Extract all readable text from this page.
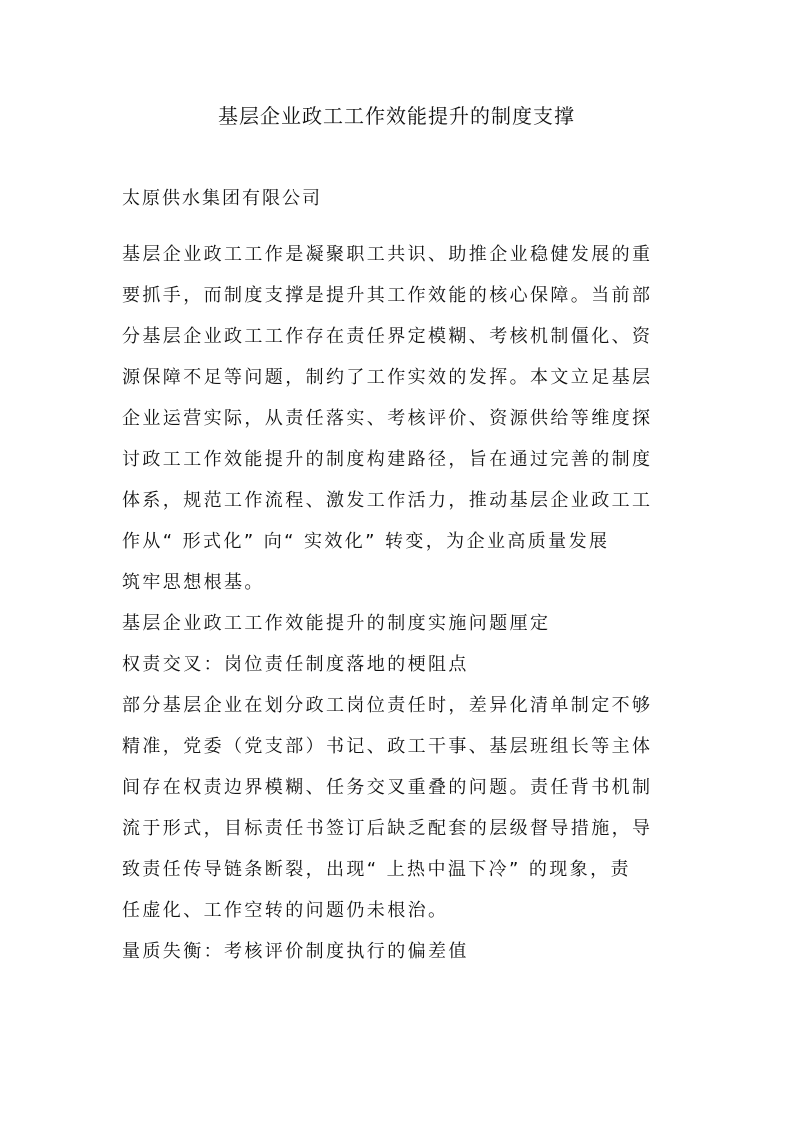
基层企业政工工作效能提升的制度支撑
太原供水集团有限公司
基层企业政工工作是凝聚职工共识、助推企业稳健发展的重
要抓手，而制度支撑是提升其工作效能的核心保障。当前部
分基层企业政工工作存在责任界定模糊、考核机制僵化、资
源保障不足等问题，制约了工作实效的发挥。本文立足基层
企业运营实际，从责任落实、考核评价、资源供给等维度探
讨政工工作效能提升的制度构建路径，旨在通过完善的制度
体系，规范工作流程、激发工作活力，推动基层企业政工工
作从“ 形式化” 向“ 实效化” 转变，为企业高质量发展
筑牢思想根基。
基层企业政工工作效能提升的制度实施问题厘定
权责交叉：岗位责任制度落地的梗阻点
部分基层企业在划分政工岗位责任时，差异化清单制定不够
精准，党委（党支部）书记、政工干事、基层班组长等主体
间存在权责边界模糊、任务交叉重叠的问题。责任背书机制
流于形式，目标责任书签订后缺乏配套的层级督导措施，导
致责任传导链条断裂，出现“ 上热中温下冷” 的现象，责
任虚化、工作空转的问题仍未根治。
量质失衡：考核评价制度执行的偏差值
